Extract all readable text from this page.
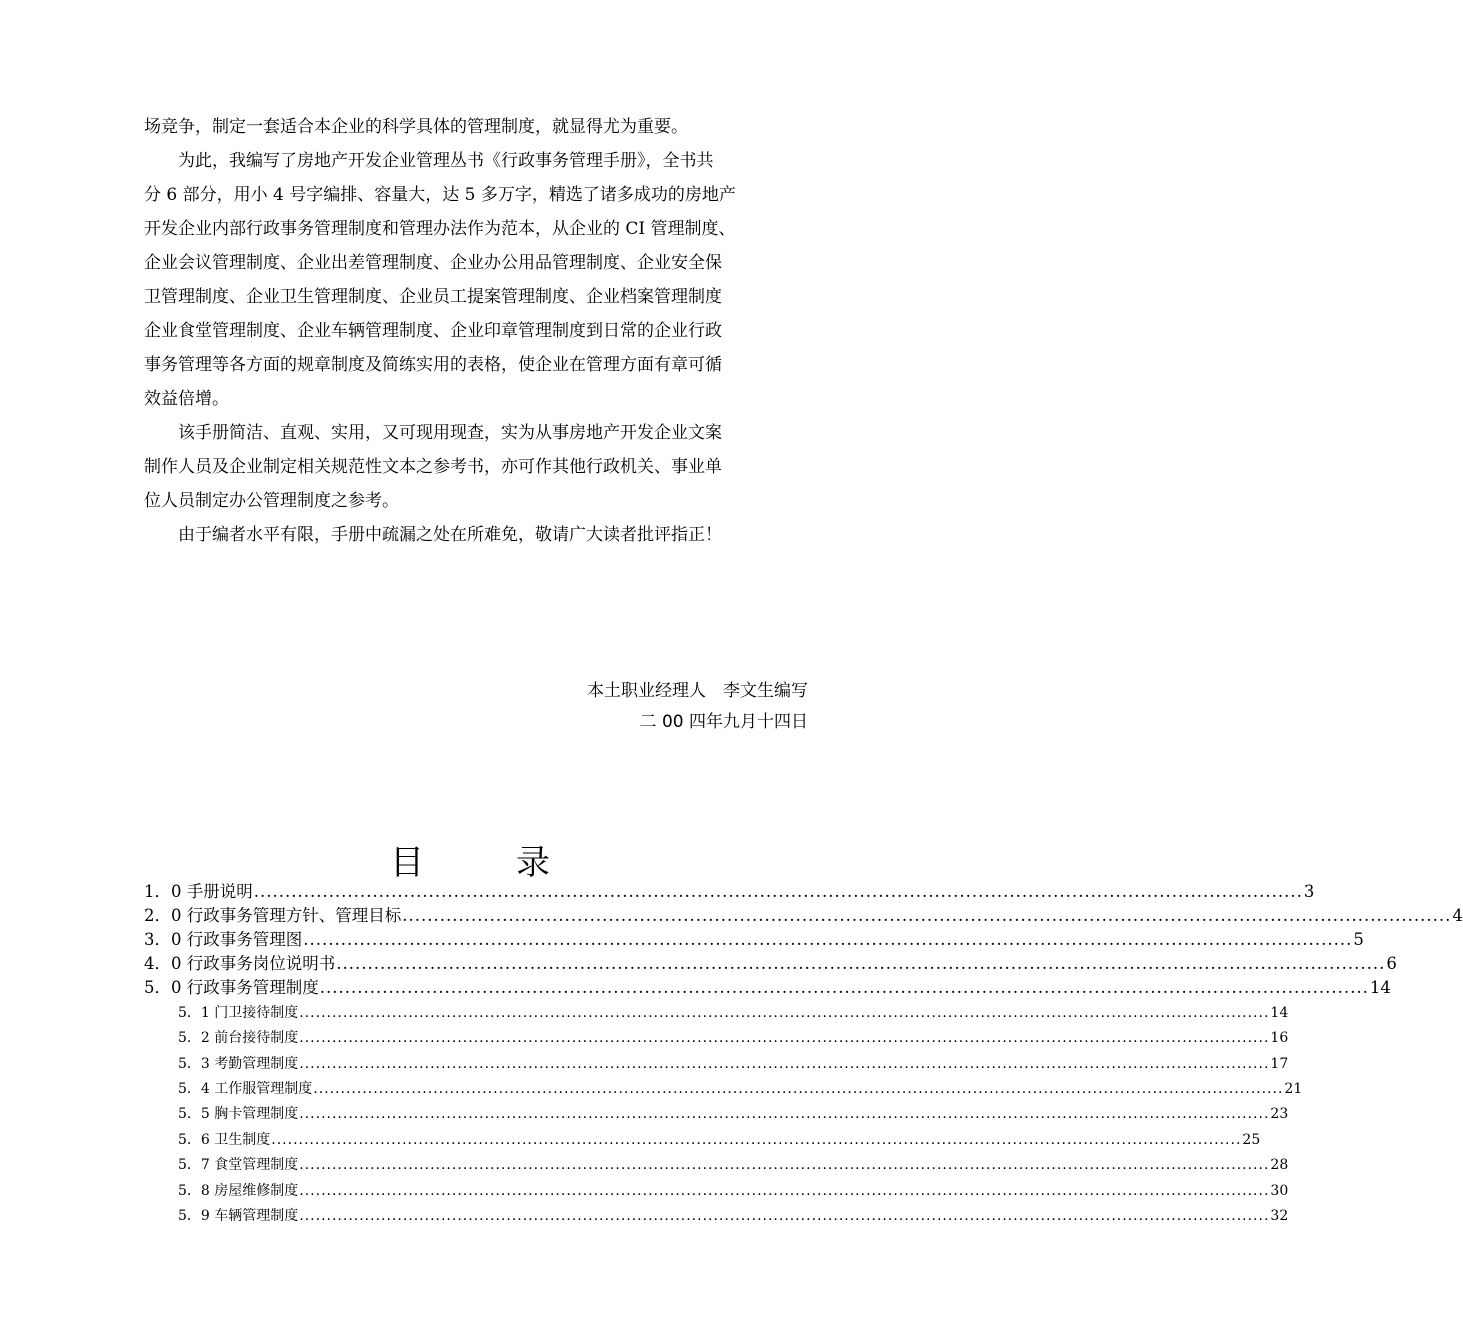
场竞争，制定一套适合本企业的科学具体的管理制度，就显得尤为重要。
　　为此，我编写了房地产开发企业管理丛书《行政事务管理手册》，全书共
分 6 部分，用小 4 号字编排、容量大，达 5 多万字，精选了诸多成功的房地产
开发企业内部行政事务管理制度和管理办法作为范本，从企业的 CI 管理制度、
企业会议管理制度、企业出差管理制度、企业办公用品管理制度、企业安全保
卫管理制度、企业卫生管理制度、企业员工提案管理制度、企业档案管理制度
企业食堂管理制度、企业车辆管理制度、企业印章管理制度到日常的企业行政
事务管理等各方面的规章制度及简练实用的表格，使企业在管理方面有章可循
效益倍增。
　　该手册简洁、直观、实用，又可现用现查，实为从事房地产开发企业文案
制作人员及企业制定相关规范性文本之参考书，亦可作其他行政机关、事业单
位人员制定办公管理制度之参考。
　　由于编者水平有限，手册中疏漏之处在所难免，敬请广大读者批评指正！
本土职业经理人　李文生编写
二 00 四年九月十四日
目	录
1．0 手册说明 ........................................................................................................................................................................ 3
2．0 行政事务管理方针、管理目标 ........................................................................................................................................................................ 4
3．0 行政事务管理图 ........................................................................................................................................................................ 5
4．0 行政事务岗位说明书 ........................................................................................................................................................................ 6
5．0 行政事务管理制度 ........................................................................................................................................................................ 14
5．1 门卫接待制度 .................................................................................................................................................................................. 14
5．2 前台接待制度 .................................................................................................................................................................................. 16
5．3 考勤管理制度 .................................................................................................................................................................................. 17
5．4 工作服管理制度 .................................................................................................................................................................................. 21
5．5 胸卡管理制度 .................................................................................................................................................................................. 23
5．6 卫生制度 .................................................................................................................................................................................. 25
5．7 食堂管理制度 .................................................................................................................................................................................. 28
5．8 房屋维修制度 .................................................................................................................................................................................. 30
5．9 车辆管理制度 .................................................................................................................................................................................. 32
